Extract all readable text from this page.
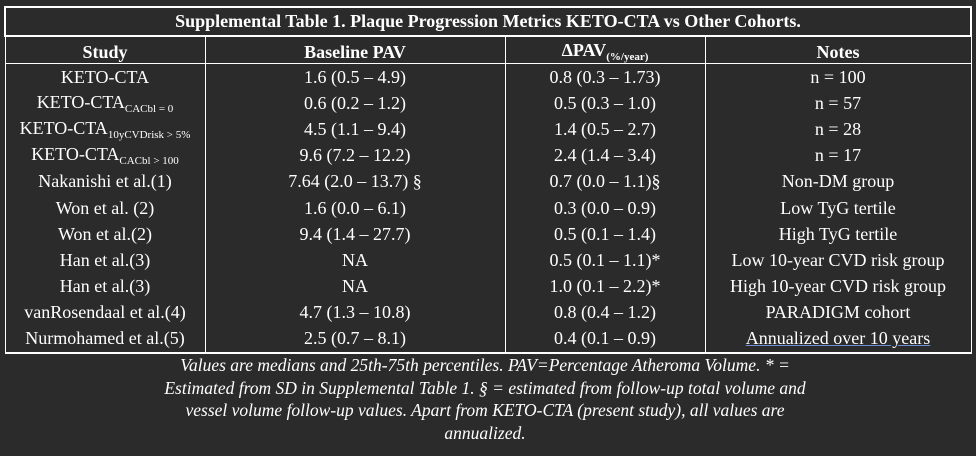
Supplemental Table 1. Plaque Progression Metrics KETO-CTA vs Other Cohorts.			
Study	Baseline PAV	$\Delta PAV_{(\%/year)}$	Notes
KETO-CTA	1.6 (0.5 – 4.9)	0.8 (0.3 – 1.73)	n = 100
KETO-$CTA_{CACbl = 0}$	0.6 (0.2 – 1.2)	0.5 (0.3 – 1.0)	n = 57
KETO-$CTA_{10yCVDrisk > 5\%}$	4.5 (1.1 – 9.4)	1.4 (0.5 – 2.7)	n = 28
KETO-$CTA_{CACbl > 100}$	9.6 (7.2 – 12.2)	2.4 (1.4 – 3.4)	n = 17
Nakanishi et al.(1)	7.64 (2.0 – 13.7) §	0.7 (0.0 – 1.1)§	Non-DM group
Won et al. (2)	1.6 (0.0 – 6.1)	0.3 (0.0 – 0.9)	Low TyG tertile
Won et al.(2)	9.4 (1.4 – 27.7)	0.5 (0.1 – 1.4)	High TyG tertile
Han et al.(3)	NA	0.5 (0.1 – 1.1)*	Low 10-year CVD risk group
Han et al.(3)	NA	1.0 (0.1 – 2.2)*	High 10-year CVD risk group
vanRosendaal et al.(4)	4.7 (1.3 – 10.8)	0.8 (0.4 – 1.2)	PARADIGM cohort
Nurmohamed et al.(5)	2.5 (0.7 – 8.1)	0.4 (0.1 – 0.9)	Annualized over 10 years

Values are medians and 25th-75th percentiles. PAV=Percentage Atheroma Volume. * =

Estimated from SD in Supplemental Table 1. § = estimated from follow-up total volume and

vessel volume follow-up values. Apart from KETO-CTA (present study), all values are

annualized.
